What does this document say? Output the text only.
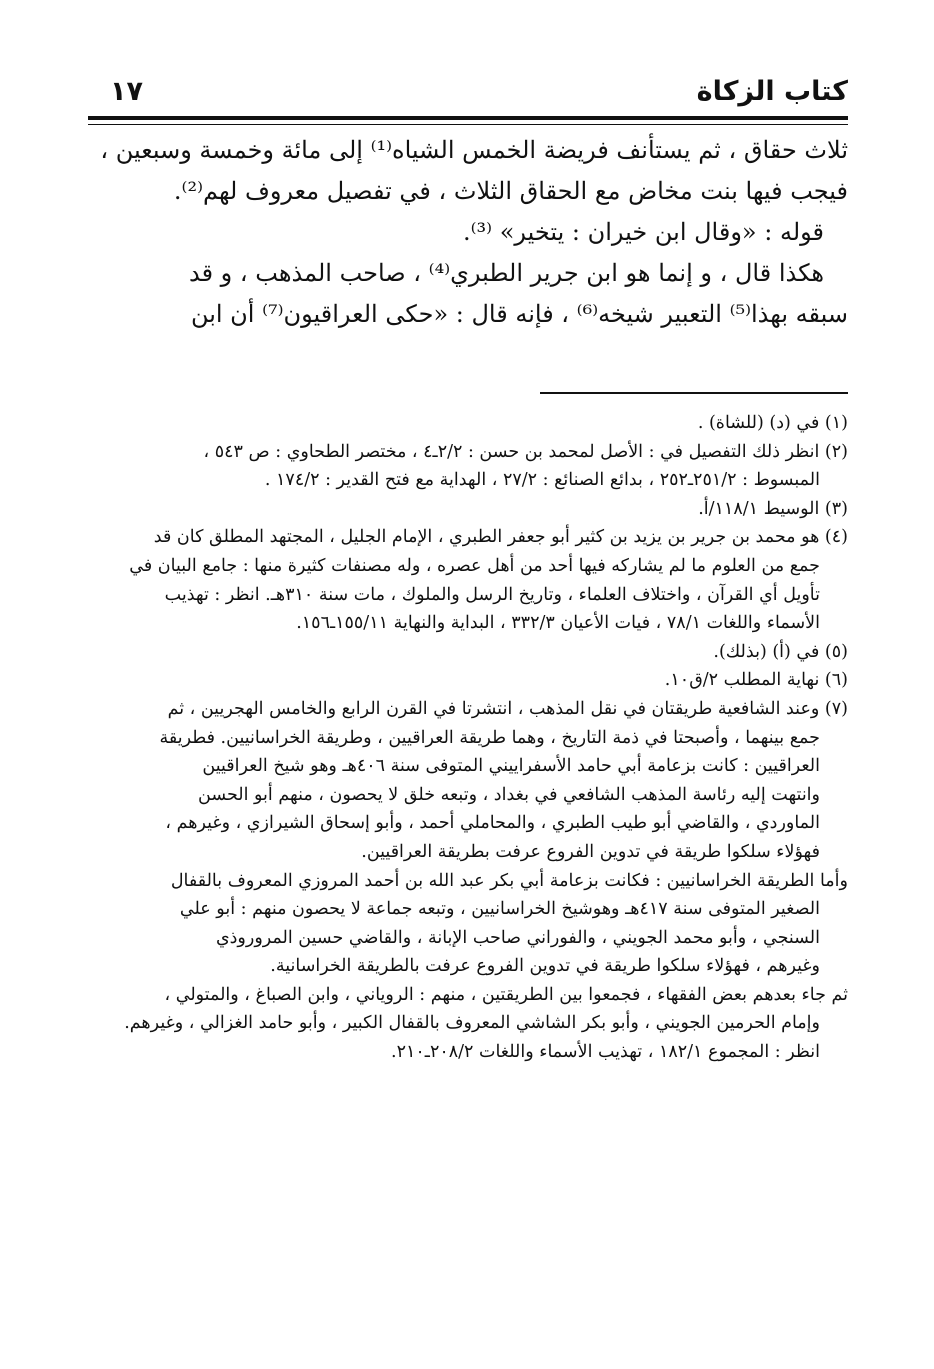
كتاب الزكاة
١٧

ثلاث حقاق ، ثم يستأنف فريضة الخمس الشياه⁽¹⁾ إلى مائة وخمسة وسبعين ،

فيجب فيها بنت مخاض مع الحقاق الثلاث ، في تفصيل معروف لهم⁽²⁾.

قوله : «وقال ابن خيران : يتخير» ⁽³⁾.

هكذا قال ، و إنما هو ابن جرير الطبري⁽⁴⁾ ، صاحب المذهب ، و قد

سبقه بهذا⁽⁵⁾ التعبير شيخه⁽⁶⁾ ، فإنه قال : «حكى العراقيون⁽⁷⁾ أن ابن

(١) في (د) (للشاة) .

(٢) انظر ذلك التفصيل في : الأصل لمحمد بن حسن : ٢/٢ـ٤ ، مختصر الطحاوي : ص ٥٤٣ ،
المبسوط : ٢٥١/٢ـ٢٥٢ ، بدائع الصنائع : ٢٧/٢ ، الهداية مع فتح القدير : ١٧٤/٢ .

(٣) الوسيط ١١٨/١/أ.

(٤) هو محمد بن جرير بن يزيد بن كثير أبو جعفر الطبري ، الإمام الجليل ، المجتهد المطلق كان قد
جمع من العلوم ما لم يشاركه فيها أحد من أهل عصره ، وله مصنفات كثيرة منها : جامع البيان في
تأويل أي القرآن ، واختلاف العلماء ، وتاريخ الرسل والملوك ، مات سنة ٣١٠هـ. انظر : تهذيب
الأسماء واللغات ٧٨/١ ، فيات الأعيان ٣٣٢/٣ ، البداية والنهاية ١٥٥/١١ـ١٥٦.

(٥) في (أ) (بذلك).

(٦) نهاية المطلب ٢/ق١٠.

(٧) وعند الشافعية طريقتان في نقل المذهب ، انتشرتا في القرن الرابع والخامس الهجريين ، ثم
جمع بينهما ، وأصبحتا في ذمة التاريخ ، وهما طريقة العراقيين ، وطريقة الخراسانيين. فطريقة
العراقيين : كانت بزعامة أبي حامد الأسفراييني المتوفى سنة ٤٠٦هـ وهو شيخ العراقيين
وانتهت إليه رئاسة المذهب الشافعي في بغداد ، وتبعه خلق لا يحصون ، منهم أبو الحسن
الماوردي ، والقاضي أبو طيب الطبري ، والمحاملي أحمد ، وأبو إسحاق الشيرازي ، وغيرهم ،
فهؤلاء سلكوا طريقة في تدوين الفروع عرفت بطريقة العراقيين.

وأما الطريقة الخراسانيين : فكانت بزعامة أبي بكر عبد الله بن أحمد المروزي المعروف بالقفال
الصغير المتوفى سنة ٤١٧هـ وهوشيخ الخراسانيين ، وتبعه جماعة لا يحصون منهم : أبو علي
السنجي ، وأبو محمد الجويني ، والفوراني صاحب الإبانة ، والقاضي حسين المروروذي
وغيرهم ، فهؤلاء سلكوا طريقة في تدوين الفروع عرفت بالطريقة الخراسانية.

ثم جاء بعدهم بعض الفقهاء ، فجمعوا بين الطريقتين ، منهم : الروياني ، وابن الصباغ ، والمتولي ،
وإمام الحرمين الجويني ، وأبو بكر الشاشي المعروف بالقفال الكبير ، وأبو حامد الغزالي ، وغيرهم.
انظر : المجموع ١٨٢/١ ، تهذيب الأسماء واللغات ٢٠٨/٢ـ٢١٠.
